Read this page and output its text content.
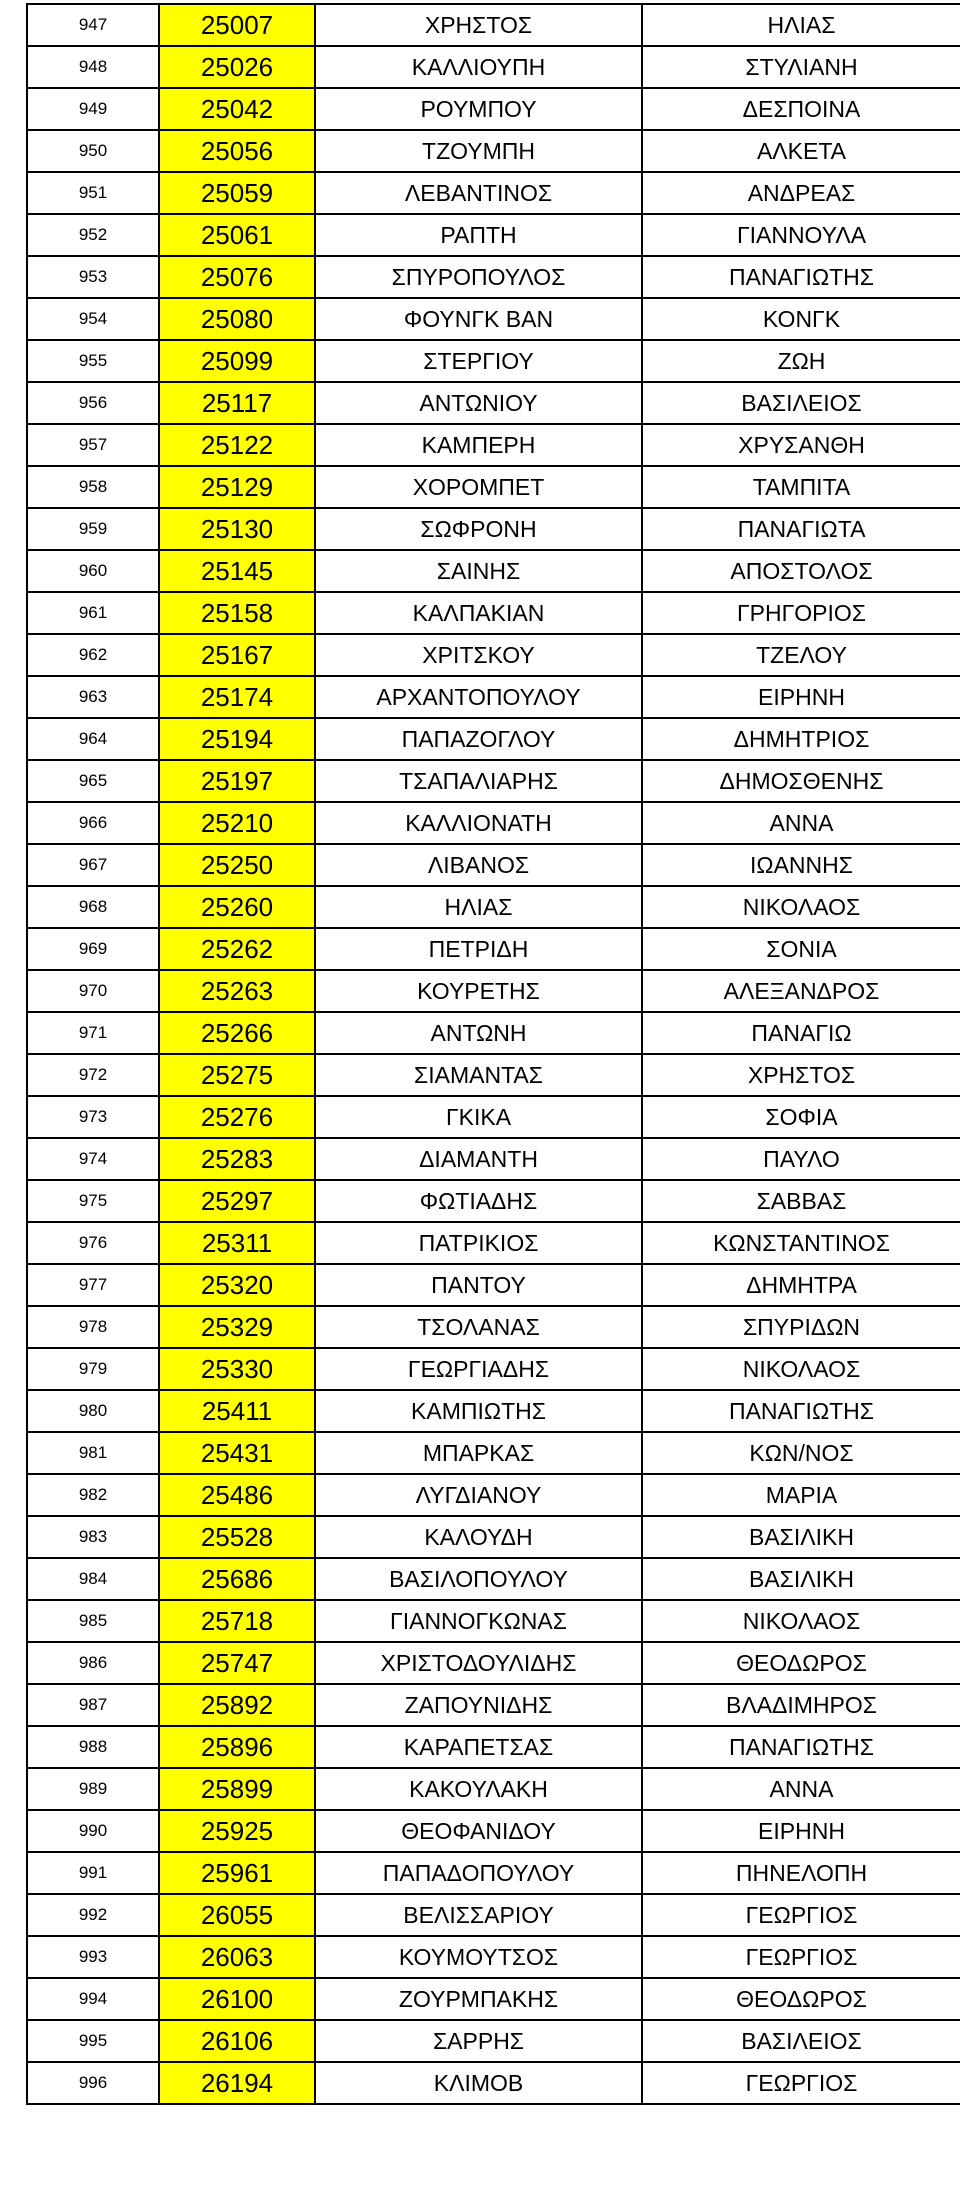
947	25007	ΧΡΗΣΤΟΣ	ΗΛΙΑΣ
948	25026	ΚΑΛΛΙΟΥΠΗ	ΣΤΥΛΙΑΝΗ
949	25042	ΡΟΥΜΠΟΥ	ΔΕΣΠΟΙΝΑ
950	25056	ΤΖΟΥΜΠΗ	ΑΛΚΕΤΑ
951	25059	ΛΕΒΑΝΤΙΝΟΣ	ΑΝΔΡΕΑΣ
952	25061	ΡΑΠΤΗ	ΓΙΑΝΝΟΥΛΑ
953	25076	ΣΠΥΡΟΠΟΥΛΟΣ	ΠΑΝΑΓΙΩΤΗΣ
954	25080	ΦΟΥΝΓΚ ΒΑΝ	ΚΟΝΓΚ
955	25099	ΣΤΕΡΓΙΟΥ	ΖΩΗ
956	25117	ΑΝΤΩΝΙΟΥ	ΒΑΣΙΛΕΙΟΣ
957	25122	ΚΑΜΠΕΡΗ	ΧΡΥΣΑΝΘΗ
958	25129	ΧΟΡΟΜΠΕΤ	ΤΑΜΠΙΤΑ
959	25130	ΣΩΦΡΟΝΗ	ΠΑΝΑΓΙΩΤΑ
960	25145	ΣΑΙΝΗΣ	ΑΠΟΣΤΟΛΟΣ
961	25158	ΚΑΛΠΑΚΙΑΝ	ΓΡΗΓΟΡΙΟΣ
962	25167	ΧΡΙΤΣΚΟΥ	ΤΖΕΛΟΥ
963	25174	ΑΡΧΑΝΤΟΠΟΥΛΟΥ	ΕΙΡΗΝΗ
964	25194	ΠΑΠΑΖΟΓΛΟΥ	ΔΗΜΗΤΡΙΟΣ
965	25197	ΤΣΑΠΑΛΙΑΡΗΣ	ΔΗΜΟΣΘΕΝΗΣ
966	25210	ΚΑΛΛΙΟΝΑΤΗ	ΑΝΝΑ
967	25250	ΛΙΒΑΝΟΣ	ΙΩΑΝΝΗΣ
968	25260	ΗΛΙΑΣ	ΝΙΚΟΛΑΟΣ
969	25262	ΠΕΤΡΙΔΗ	ΣΟΝΙΑ
970	25263	ΚΟΥΡΕΤΗΣ	ΑΛΕΞΑΝΔΡΟΣ
971	25266	ΑΝΤΩΝΗ	ΠΑΝΑΓΙΩ
972	25275	ΣΙΑΜΑΝΤΑΣ	ΧΡΗΣΤΟΣ
973	25276	ΓΚΙΚΑ	ΣΟΦΙΑ
974	25283	ΔΙΑΜΑΝΤΗ	ΠΑΥΛΟ
975	25297	ΦΩΤΙΑΔΗΣ	ΣΑΒΒΑΣ
976	25311	ΠΑΤΡΙΚΙΟΣ	ΚΩΝΣΤΑΝΤΙΝΟΣ
977	25320	ΠΑΝΤΟΥ	ΔΗΜΗΤΡΑ
978	25329	ΤΣΟΛΑΝΑΣ	ΣΠΥΡΙΔΩΝ
979	25330	ΓΕΩΡΓΙΑΔΗΣ	ΝΙΚΟΛΑΟΣ
980	25411	ΚΑΜΠΙΩΤΗΣ	ΠΑΝΑΓΙΩΤΗΣ
981	25431	ΜΠΑΡΚΑΣ	ΚΩΝ/ΝΟΣ
982	25486	ΛΥΓΔΙΑΝΟΥ	ΜΑΡΙΑ
983	25528	ΚΑΛΟΥΔΗ	ΒΑΣΙΛΙΚΗ
984	25686	ΒΑΣΙΛΟΠΟΥΛΟΥ	ΒΑΣΙΛΙΚΗ
985	25718	ΓΙΑΝΝΟΓΚΩΝΑΣ	ΝΙΚΟΛΑΟΣ
986	25747	ΧΡΙΣΤΟΔΟΥΛΙΔΗΣ	ΘΕΟΔΩΡΟΣ
987	25892	ΖΑΠΟΥΝΙΔΗΣ	ΒΛΑΔΙΜΗΡΟΣ
988	25896	ΚΑΡΑΠΕΤΣΑΣ	ΠΑΝΑΓΙΩΤΗΣ
989	25899	ΚΑΚΟΥΛΑΚΗ	ΑΝΝΑ
990	25925	ΘΕΟΦΑΝΙΔΟΥ	ΕΙΡΗΝΗ
991	25961	ΠΑΠΑΔΟΠΟΥΛΟΥ	ΠΗΝΕΛΟΠΗ
992	26055	ΒΕΛΙΣΣΑΡΙΟΥ	ΓΕΩΡΓΙΟΣ
993	26063	ΚΟΥΜΟΥΤΣΟΣ	ΓΕΩΡΓΙΟΣ
994	26100	ΖΟΥΡΜΠΑΚΗΣ	ΘΕΟΔΩΡΟΣ
995	26106	ΣΑΡΡΗΣ	ΒΑΣΙΛΕΙΟΣ
996	26194	ΚΛΙΜΟΒ	ΓΕΩΡΓΙΟΣ
